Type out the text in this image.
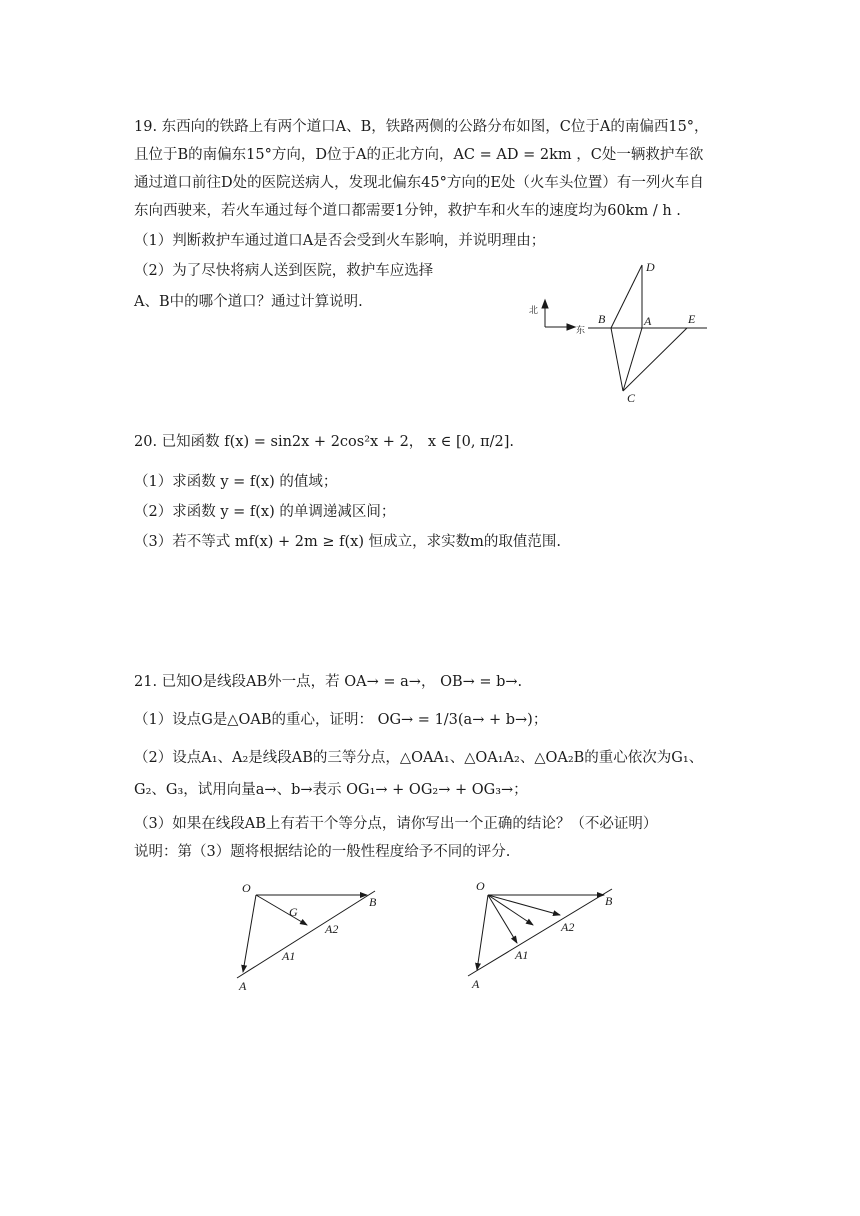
19. 东西向的铁路上有两个道口A、B，铁路两侧的公路分布如图，C位于A的南偏西15°，
且位于B的南偏东15°方向，D位于A的正北方向，AC = AD = 2km ，C处一辆救护车欲
通过道口前往D处的医院送病人，发现北偏东45°方向的E处（火车头位置）有一列火车自
东向西驶来，若火车通过每个道口都需要1分钟，救护车和火车的速度均为60km / h .
（1）判断救护车通过道口A是否会受到火车影响，并说明理由；
（2）为了尽快将病人送到医院，救护车应选择
A、B中的哪个道口？通过计算说明.	北
东
B	A	E
D
C
20. 已知函数 f(x) = sin2x + 2cos²x + 2， x ∈ [0, π/2].
（1）求函数 y = f(x) 的值域；
（2）求函数 y = f(x) 的单调递减区间；
（3）若不等式 mf(x) + 2m ≥ f(x) 恒成立，求实数m的取值范围.
21. 已知O是线段AB外一点，若 OA→ = a→， OB→ = b→.
（1）设点G是△OAB的重心，证明： OG→ = 1/3(a→ + b→)；
（2）设点A₁、A₂是线段AB的三等分点，△OAA₁、△OA₁A₂、△OA₂B的重心依次为G₁、
G₂、G₃，试用向量a→、b→表示 OG₁→ + OG₂→ + OG₃→；
（3）如果在线段AB上有若干个等分点，请你写出一个正确的结论？（不必证明）
说明：第（3）题将根据结论的一般性程度给予不同的评分.
O
G
B
A2
A1
A
O
B
A2
A1
A
